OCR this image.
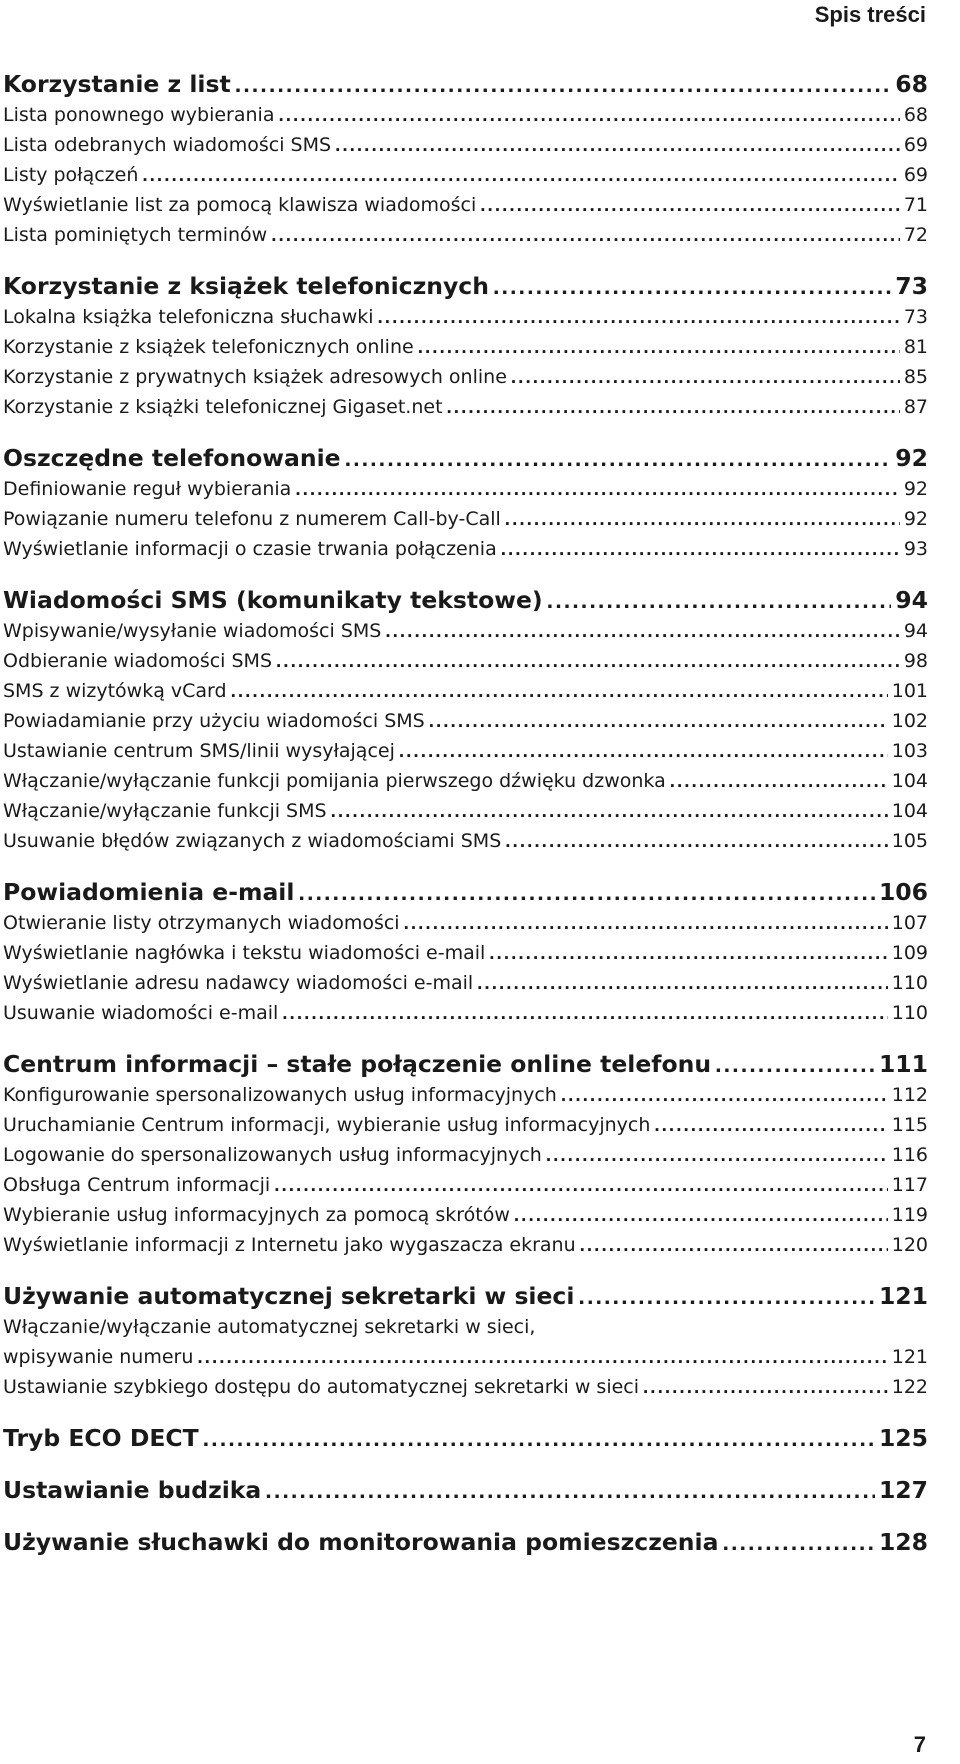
Spis treści
Korzystanie z list .....	68
Lista ponownego wybierania .....	68
Lista odebranych wiadomości SMS .....	69
Listy połączeń .....	69
Wyświetlanie list za pomocą klawisza wiadomości .....	71
Lista pominiętych terminów .....	72
Korzystanie z książek telefonicznych .....	73
Lokalna książka telefoniczna słuchawki .....	73
Korzystanie z książek telefonicznych online .....	81
Korzystanie z prywatnych książek adresowych online .....	85
Korzystanie z książki telefonicznej Gigaset.net .....	87
Oszczędne telefonowanie .....	92
Definiowanie reguł wybierania .....	92
Powiązanie numeru telefonu z numerem Call-by-Call .....	92
Wyświetlanie informacji o czasie trwania połączenia .....	93
Wiadomości SMS (komunikaty tekstowe) .....	94
Wpisywanie/wysyłanie wiadomości SMS .....	94
Odbieranie wiadomości SMS .....	98
SMS z wizytówką vCard .....	101
Powiadamianie przy użyciu wiadomości SMS .....	102
Ustawianie centrum SMS/linii wysyłającej .....	103
Włączanie/wyłączanie funkcji pomijania pierwszego dźwięku dzwonka .....	104
Włączanie/wyłączanie funkcji SMS .....	104
Usuwanie błędów związanych z wiadomościami SMS .....	105
Powiadomienia e-mail .....	106
Otwieranie listy otrzymanych wiadomości .....	107
Wyświetlanie nagłówka i tekstu wiadomości e-mail .....	109
Wyświetlanie adresu nadawcy wiadomości e-mail .....	110
Usuwanie wiadomości e-mail .....	110
Centrum informacji – stałe połączenie online telefonu .....	111
Konfigurowanie spersonalizowanych usług informacyjnych .....	112
Uruchamianie Centrum informacji, wybieranie usług informacyjnych .....	115
Logowanie do spersonalizowanych usług informacyjnych .....	116
Obsługa Centrum informacji .....	117
Wybieranie usług informacyjnych za pomocą skrótów .....	119
Wyświetlanie informacji z Internetu jako wygaszacza ekranu .....	120
Używanie automatycznej sekretarki w sieci .....	121
Włączanie/wyłączanie automatycznej sekretarki w sieci,
wpisywanie numeru .....	121
Ustawianie szybkiego dostępu do automatycznej sekretarki w sieci .....	122
Tryb ECO DECT .....	125
Ustawianie budzika .....	127
Używanie słuchawki do monitorowania pomieszczenia .....	128
7
